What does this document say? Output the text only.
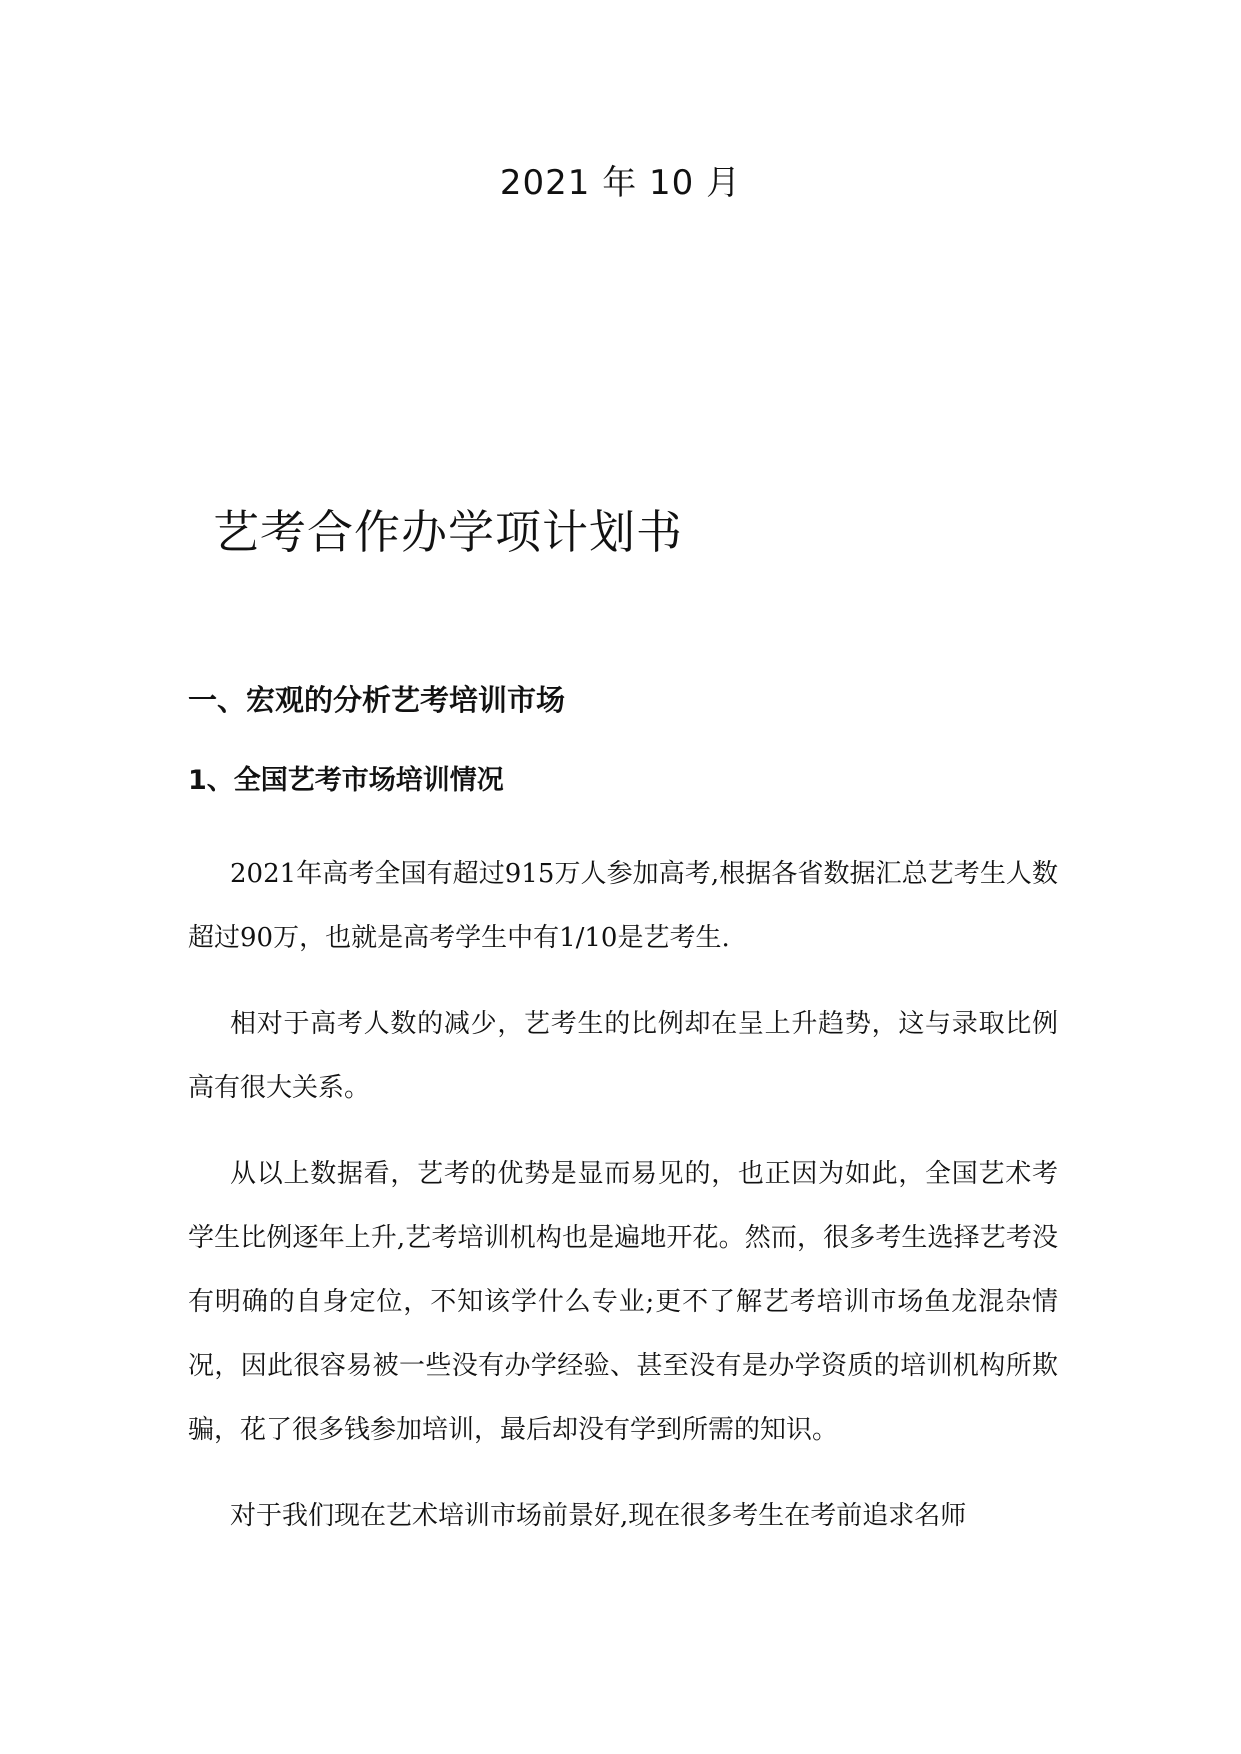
2021 年 10 月
艺考合作办学项计划书
一、宏观的分析艺考培训市场
1、全国艺考市场培训情况

2021年高考全国有超过915万人参加高考,根据各省数据汇总艺考生人数超过90万，也就是高考学生中有1/10是艺考生.

相对于高考人数的减少，艺考生的比例却在呈上升趋势，这与录取比例高有很大关系。

从以上数据看，艺考的优势是显而易见的，也正因为如此，全国艺术考学生比例逐年上升,艺考培训机构也是遍地开花。然而，很多考生选择艺考没有明确的自身定位，不知该学什么专业;更不了解艺考培训市场鱼龙混杂情况，因此很容易被一些没有办学经验、甚至没有是办学资质的培训机构所欺骗，花了很多钱参加培训，最后却没有学到所需的知识。

对于我们现在艺术培训市场前景好,现在很多考生在考前追求名师
